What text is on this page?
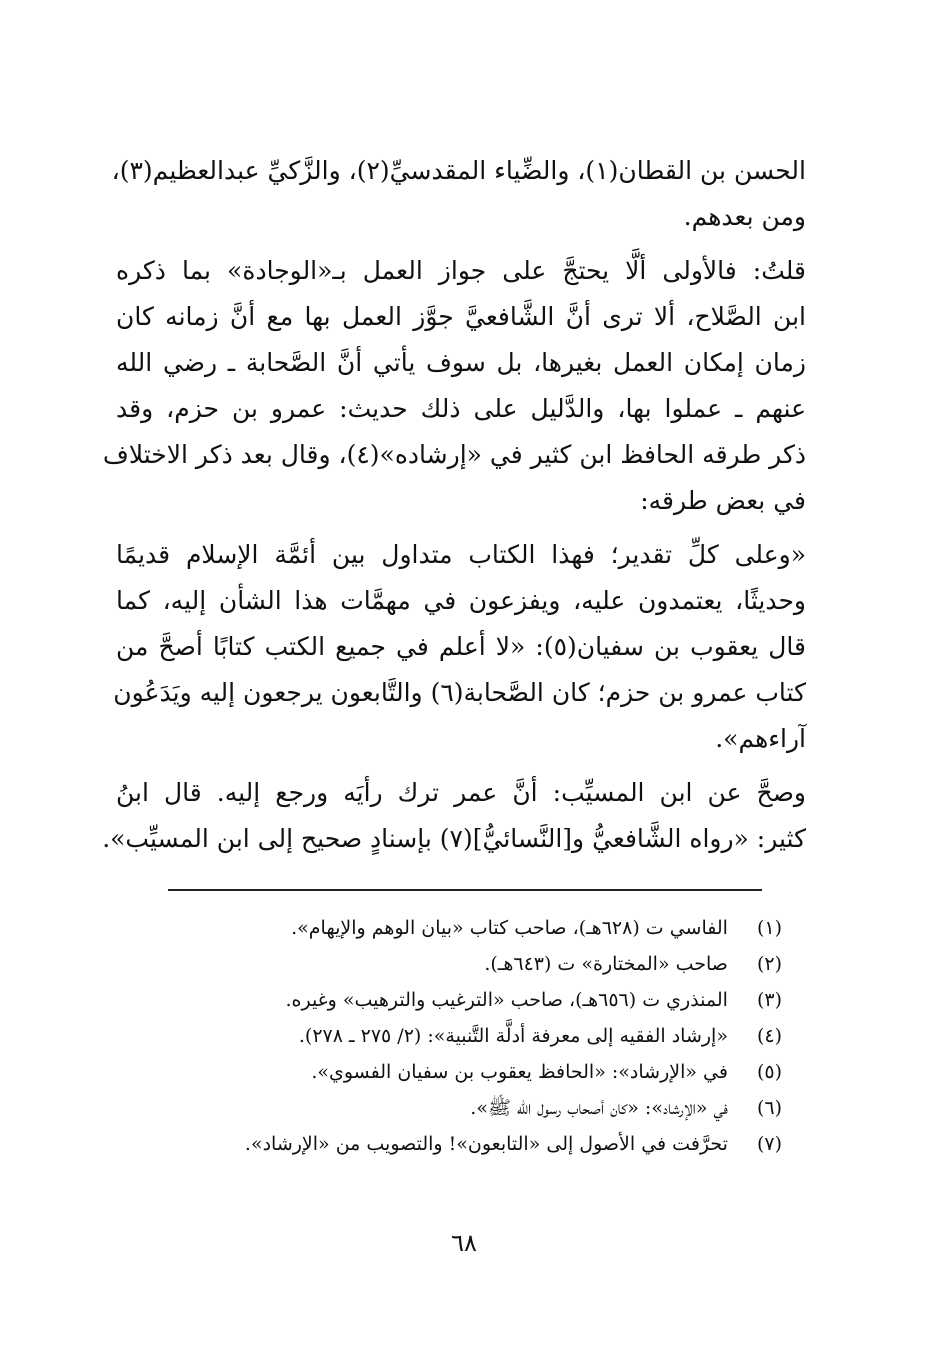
الحسن بن القطان(١)، والضِّياء المقدسيِّ(٢)، والزَّكيِّ عبدالعظيم(٣)،
ومن بعدهم.
قلتُ: فالأولى ألَّا يحتجَّ على جواز العمل بـ«الوجادة» بما ذكره
ابن الصَّلاح، ألا ترى أنَّ الشَّافعيَّ جوَّز العمل بها مع أنَّ زمانه كان
زمان إمكان العمل بغيرها، بل سوف يأتي أنَّ الصَّحابة ـ رضي الله
عنهم ـ عملوا بها، والدَّليل على ذلك حديث: عمرو بن حزم، وقد
ذكر طرقه الحافظ ابن كثير في «إرشاده»(٤)، وقال بعد ذكر الاختلاف
في بعض طرقه:
«وعلى كلِّ تقدير؛ فهذا الكتاب متداول بين أئمَّة الإسلام قديمًا
وحديثًا، يعتمدون عليه، ويفزعون في مهمَّات هذا الشأن إليه، كما
قال يعقوب بن سفيان(٥): «لا أعلم في جميع الكتب كتابًا أصحَّ من
كتاب عمرو بن حزم؛ كان الصَّحابة(٦) والتَّابعون يرجعون إليه ويَدَعُون
آراءهم».
وصحَّ عن ابن المسيِّب: أنَّ عمر ترك رأيَه ورجع إليه. قال ابنُ
كثير: «رواه الشَّافعيُّ و[النَّسائيُّ](٧) بإسنادٍ صحيح إلى ابن المسيِّب».
(١) الفاسي ت (٦٢٨هـ)، صاحب كتاب «بيان الوهم والإيهام».
(٢) صاحب «المختارة» ت (٦٤٣هـ).
(٣) المنذري ت (٦٥٦هـ)، صاحب «الترغيب والترهيب» وغيره.
(٤) «إرشاد الفقيه إلى معرفة أدلَّة التَّنبية»: (٢/ ٢٧٥ ـ ٢٧٨).
(٥) في «الإرشاد»: «الحافظ يعقوب بن سفيان الفسوي».
(٦) في «الإرشاد»: «كان أصحاب رسول الله ﷺ».
(٧) تحرَّفت في الأصول إلى «التابعون»! والتصويب من «الإرشاد».
٦٨
